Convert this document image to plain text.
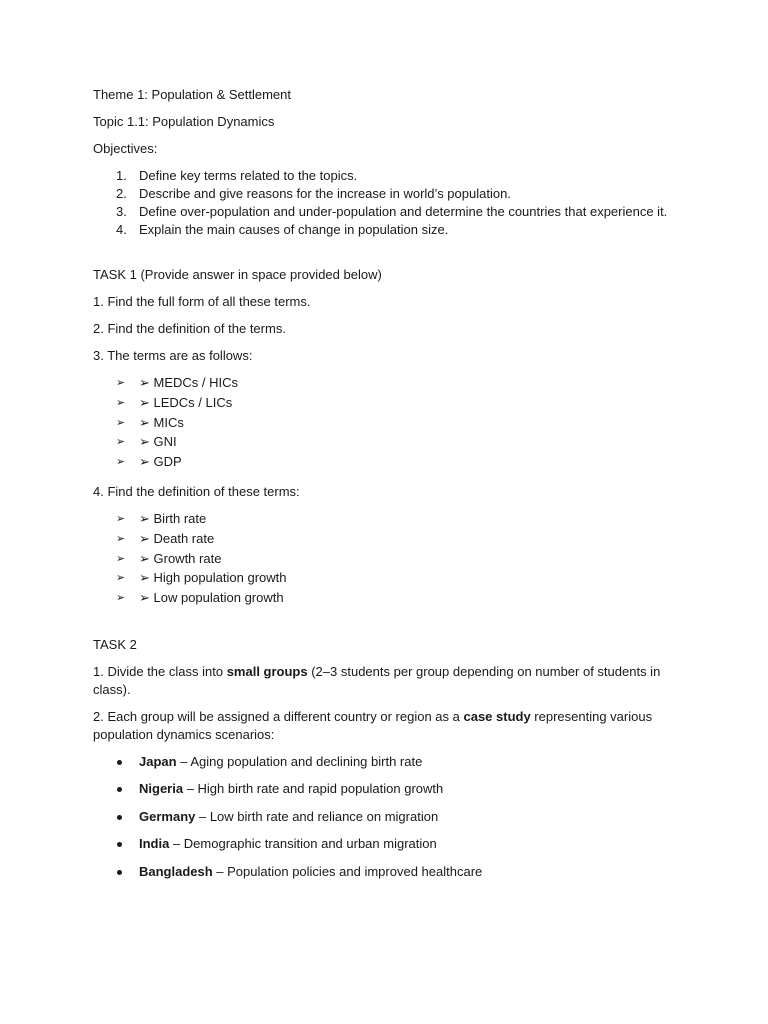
Theme 1: Population & Settlement

Topic 1.1: Population Dynamics

Objectives:

1. Define key terms related to the topics.
2. Describe and give reasons for the increase in world’s population.
3. Define over-population and under-population and determine the countries that experience it.
4. Explain the main causes of change in population size.

TASK 1 (Provide answer in space provided below)

1. Find the full form of all these terms.

2. Find the definition of the terms.

3. The terms are as follows:

➢ ➢ MEDCs / HICs
➢ ➢ LEDCs / LICs
➢ ➢ MICs
➢ ➢ GNI
➢ ➢ GDP

4. Find the definition of these terms:

➢ ➢ Birth rate
➢ ➢ Death rate
➢ ➢ Growth rate
➢ ➢ High population growth
➢ ➢ Low population growth

TASK 2

1. Divide the class into small groups (2–3 students per group depending on number of students in class).

2. Each group will be assigned a different country or region as a case study representing various population dynamics scenarios:

Japan – Aging population and declining birth rate
Nigeria – High birth rate and rapid population growth
Germany – Low birth rate and reliance on migration
India – Demographic transition and urban migration
Bangladesh – Population policies and improved healthcare
